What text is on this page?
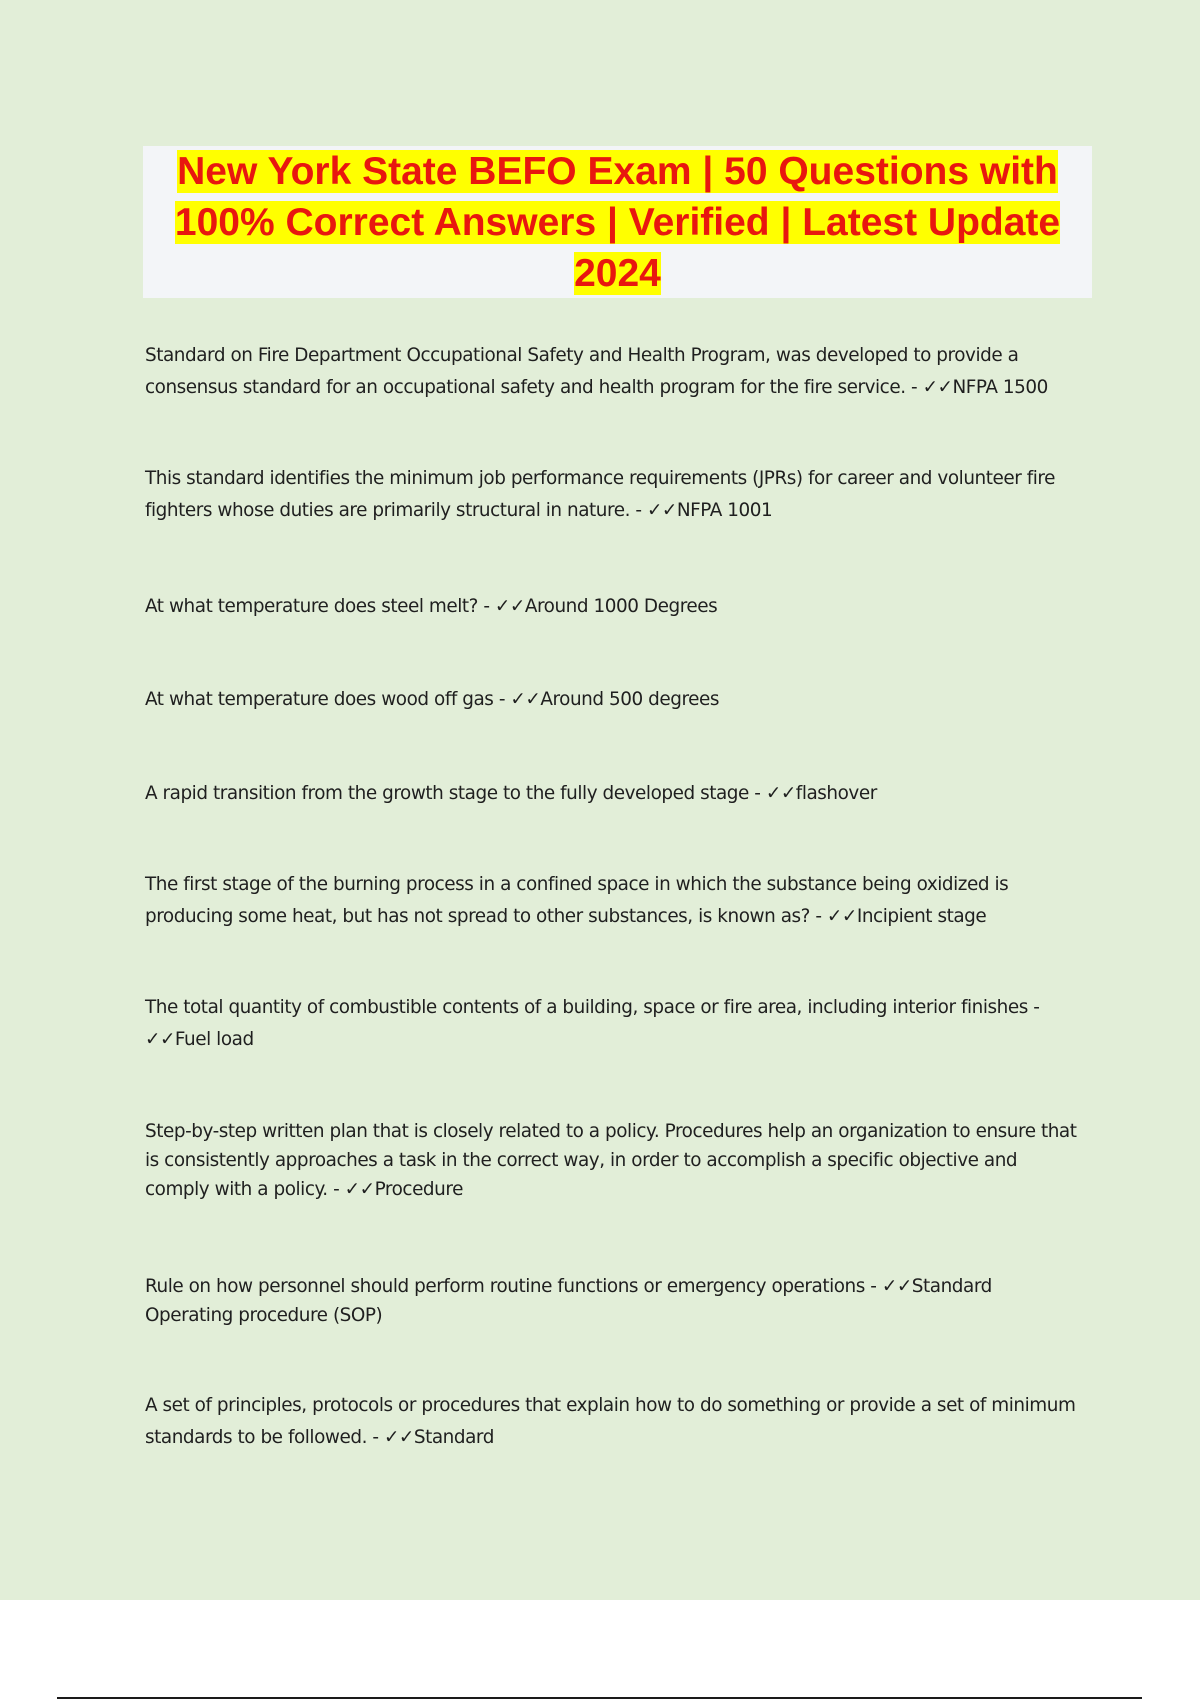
New York State BEFO Exam | 50 Questions with 100% Correct Answers | Verified | Latest Update 2024

Standard on Fire Department Occupational Safety and Health Program, was developed to provide a consensus standard for an occupational safety and health program for the fire service. - ✓✓NFPA 1500

This standard identifies the minimum job performance requirements (JPRs) for career and volunteer fire fighters whose duties are primarily structural in nature. - ✓✓NFPA 1001

At what temperature does steel melt? - ✓✓Around 1000 Degrees

At what temperature does wood off gas - ✓✓Around 500 degrees

A rapid transition from the growth stage to the fully developed stage - ✓✓flashover

The first stage of the burning process in a confined space in which the substance being oxidized is producing some heat, but has not spread to other substances, is known as? - ✓✓Incipient stage

The total quantity of combustible contents of a building, space or fire area, including interior finishes - ✓✓Fuel load

Step-by-step written plan that is closely related to a policy. Procedures help an organization to ensure that is consistently approaches a task in the correct way, in order to accomplish a specific objective and comply with a policy. - ✓✓Procedure

Rule on how personnel should perform routine functions or emergency operations - ✓✓Standard Operating procedure (SOP)

A set of principles, protocols or procedures that explain how to do something or provide a set of minimum standards to be followed. - ✓✓Standard
